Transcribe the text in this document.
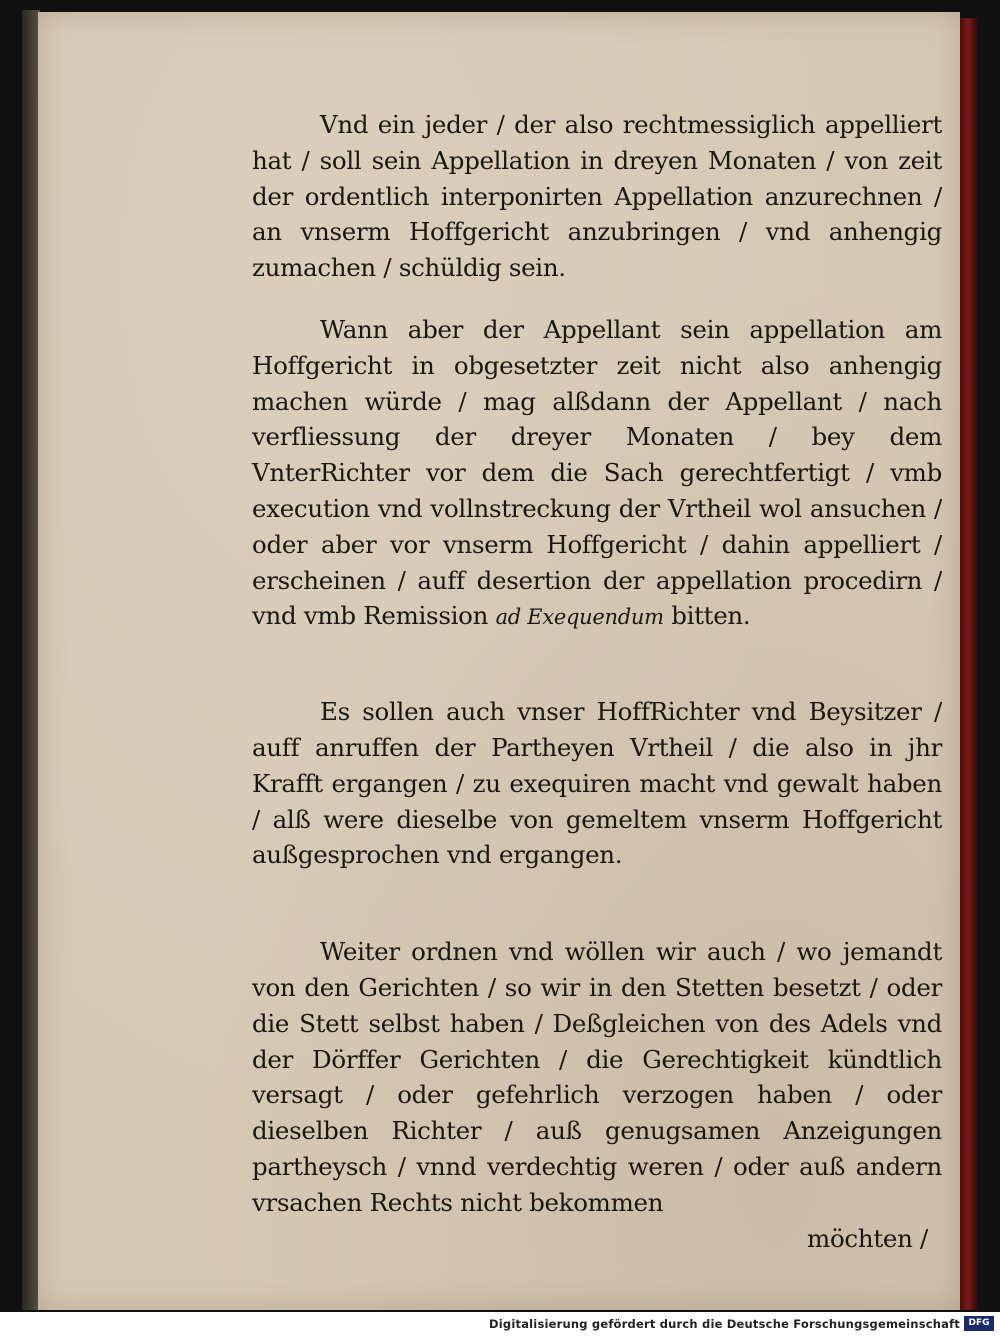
Vnd ein jeder / der also rechtmessiglich appelliert hat / soll sein Appellation in dreyen Monaten / von zeit der ordentlich interponirten Appellation anzurechnen / an vnserm Hoffgericht anzubringen / vnd anhengig zumachen / schüldig sein.

Wann aber der Appellant sein appellation am Hoffgericht in obgesetzter zeit nicht also anhengig machen würde / mag alßdann der Appellant / nach verfliessung der dreyer Monaten / bey dem VnterRichter vor dem die Sach gerechtfertigt / vmb execution vnd vollnstreckung der Vrtheil wol ansuchen / oder aber vor vnserm Hoffgericht / dahin appelliert / erscheinen / auff desertion der appellation procedirn / vnd vmb Remission ad Exequendum bitten.

Es sollen auch vnser HoffRichter vnd Beysitzer / auff anruffen der Partheyen Vrtheil / die also in jhr Krafft ergangen / zu exequiren macht vnd gewalt haben / alß were dieselbe von gemeltem vnserm Hoffgericht außgesprochen vnd ergangen.

Weiter ordnen vnd wöllen wir auch / wo jemandt von den Gerichten / so wir in den Stetten besetzt / oder die Stett selbst haben / Deßgleichen von des Adels vnd der Dörffer Gerichten / die Gerechtigkeit kündtlich versagt / oder gefehrlich verzogen haben / oder dieselben Richter / auß genugsamen Anzeigungen partheysch / vnnd verdechtig weren / oder auß andern vrsachen Rechts nicht bekommen

möchten /
Digitalisierung gefördert durch die Deutsche Forschungsgemeinschaft DFG
